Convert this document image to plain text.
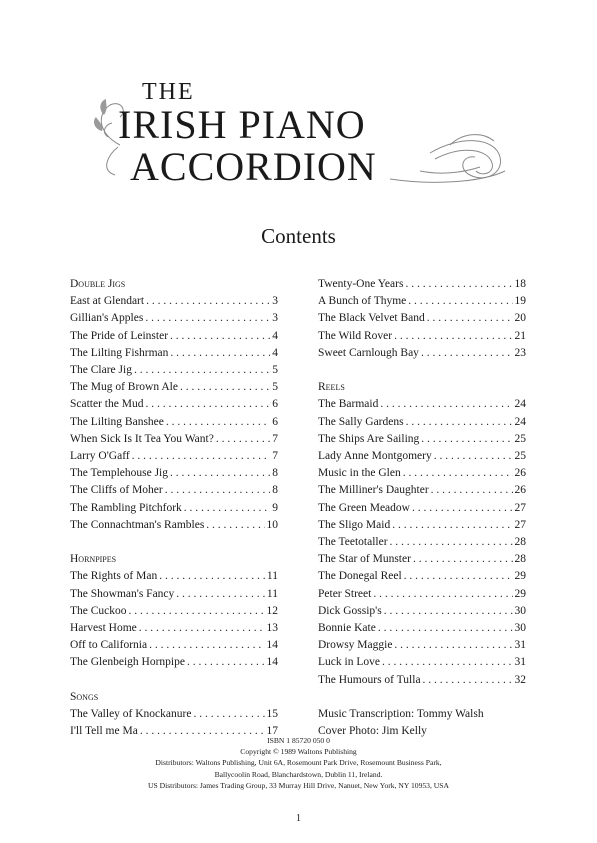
THE
IRISH PIANO
ACCORDION
Contents
Double Jigs
East at Glendart . . .	3
Gillian's Apples . . .	3
The Pride of Leinster . . .	4
The Lilting Fishrman . . .	4
The Clare Jig . . .	5
The Mug of Brown Ale . . .	5
Scatter the Mud . . .	6
The Lilting Banshee . . .	6
When Sick Is It Tea You Want? . . .	7
Larry O'Gaff . . .	7
The Templehouse Jig . . .	8
The Cliffs of Moher . . .	8
The Rambling Pitchfork . . .	9
The Connachtman's Rambles . . .	10
Hornpipes
The Rights of Man . . .	11
The Showman's Fancy . . .	11
The Cuckoo . . .	12
Harvest Home . . .	13
Off to California . . .	14
The Glenbeigh Hornpipe . . .	14
Songs
The Valley of Knockanure . . .	15
I'll Tell me Ma . . .	17
Twenty-One Years . . .	18
A Bunch of Thyme . . .	19
The Black Velvet Band . . .	20
The Wild Rover . . .	21
Sweet Carnlough Bay . . .	23
Reels
The Barmaid . . .	24
The Sally Gardens . . .	24
The Ships Are Sailing . . .	25
Lady Anne Montgomery . . .	25
Music in the Glen . . .	26
The Milliner's Daughter . . .	26
The Green Meadow . . .	27
The Sligo Maid . . .	27
The Teetotaller . . .	28
The Star of Munster . . .	28
The Donegal Reel . . .	29
Peter Street . . .	29
Dick Gossip's . . .	30
Bonnie Kate . . .	30
Drowsy Maggie . . .	31
Luck in Love . . .	31
The Humours of Tulla . . .	32
Music Transcription: Tommy Walsh
Cover Photo: Jim Kelly
ISBN 1 85720 050 0
Copyright © 1989 Waltons Publishing
Distributors: Waltons Publishing, Unit 6A, Rosemount Park Drive, Rosemount Business Park,
Ballycoolin Road, Blanchardstown, Dublin 11, Ireland.
US Distributors: James Trading Group, 33 Murray Hill Drive, Nanuet, New York, NY 10953, USA
1
